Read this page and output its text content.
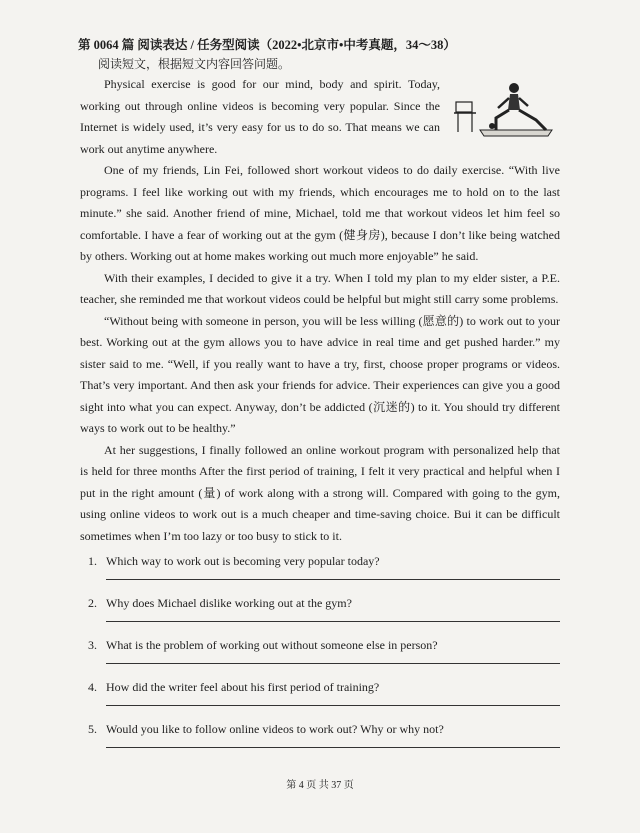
第 0064 篇 阅读表达 / 任务型阅读（2022•北京市•中考真题，34～38）
阅读短文，根据短文内容回答问题。

Physical exercise is good for our mind, body and spirit. Today, working out through online videos is becoming very popular. Since the Internet is widely used, it’s very easy for us to do so. That means we can work out anytime anywhere.

One of my friends, Lin Fei, followed short workout videos to do daily exercise. “With live programs. I feel like working out with my friends, which encourages me to hold on to the last minute.” she said. Another friend of mine, Michael, told me that workout videos let him feel so comfortable. I have a fear of working out at the gym (健身房), because I don’t like being watched by others. Working out at home makes working out much more enjoyable” he said.

With their examples, I decided to give it a try. When I told my plan to my elder sister, a P.E. teacher, she reminded me that workout videos could be helpful but might still carry some problems.

“Without being with someone in person, you will be less willing (愿意的) to work out to your best. Working out at the gym allows you to have advice in real time and get pushed harder.” my sister said to me. “Well, if you really want to have a try, first, choose proper programs or videos. That’s very important. And then ask your friends for advice. Their experiences can give you a good sight into what you can expect. Anyway, don’t be addicted (沉迷的) to it. You should try different ways to work out to be healthy.”

At her suggestions, I finally followed an online workout program with personalized help that is held for three months After the first period of training, I felt it very practical and helpful when I put in the right amount (量) of work along with a strong will. Compared with going to the gym, using online videos to work out is a much cheaper and time-saving choice. Bui it can be difficult sometimes when I’m too lazy or too busy to stick to it.

1. Which way to work out is becoming very popular today?
2. Why does Michael dislike working out at the gym?
3. What is the problem of working out without someone else in person?
4. How did the writer feel about his first period of training?
5. Would you like to follow online videos to work out? Why or why not?
第 4 页 共 37 页
